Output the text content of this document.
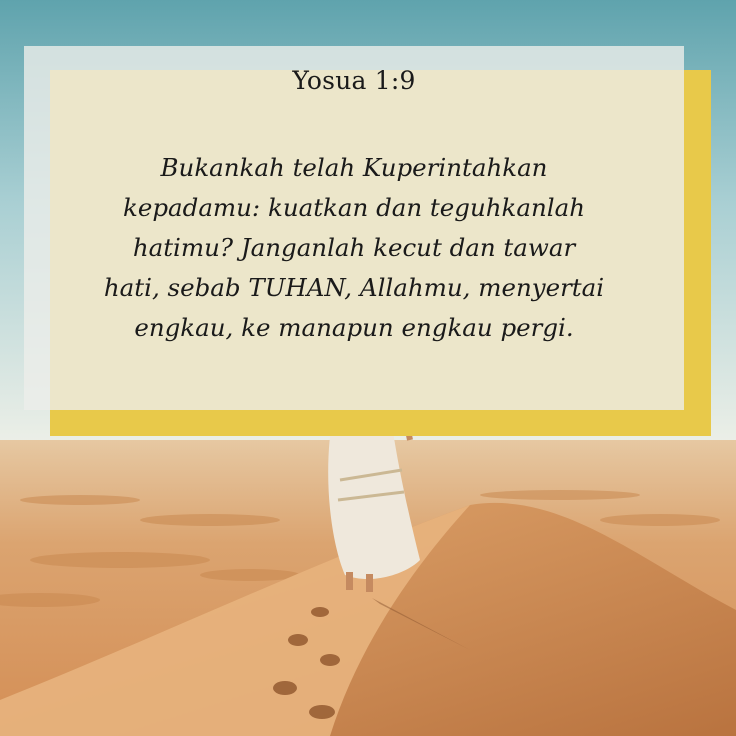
Yosua 1:9
Bukankah telah Kuperintahkan
kepadamu: kuatkan dan teguhkanlah
hatimu? Janganlah kecut dan tawar
hati, sebab TUHAN, Allahmu, menyertai
engkau, ke manapun engkau pergi.
